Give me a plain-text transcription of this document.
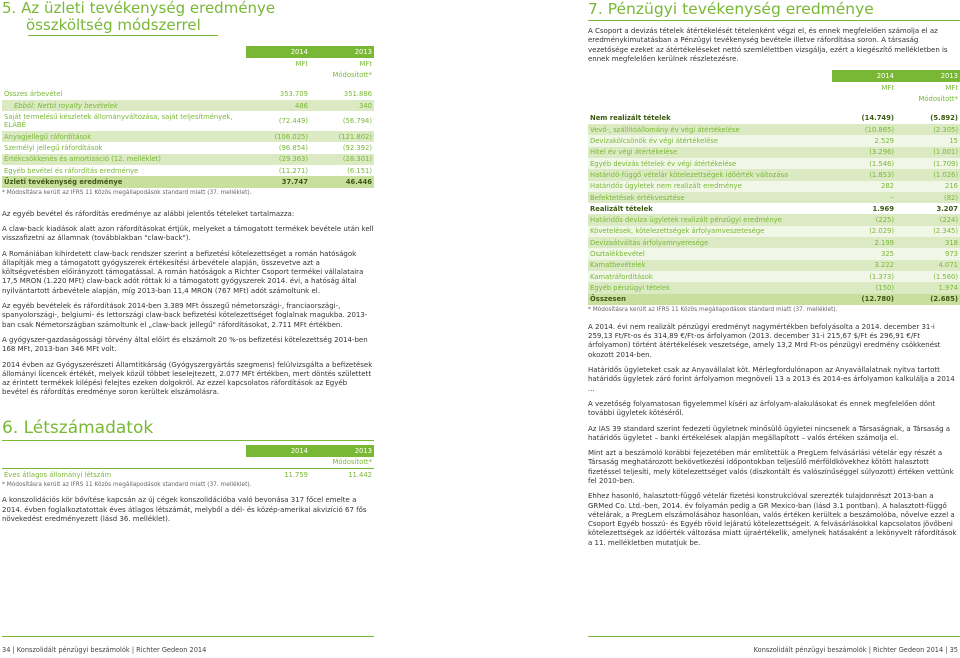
5. Az üzleti tevékenység eredménye
összköltség módszerrel
	2014	2013
	MFt	MFt
		Módosított*

Összes árbevétel	353.709	351.886
Ebből: Nettó royalty bevételek	486	340
Saját termelésű készletek állományváltozása, saját teljesítmények, ELÁBÉ	(72.449)	(56.794)
Anyagjellegű ráfordítások	(106.025)	(121.802)
Személyi jellegű ráfordítások	(96.854)	(92.392)
Értékcsökkenés és amortizáció (12. melléklet)	(29.363)	(28.301)
Egyéb bevétel és ráfordítás eredménye	(11.271)	(6.151)
Üzleti tevékenység eredménye	37.747	46.446
* Módosításra került az IFRS 11 Közös megállapodások standard miatt (37. melléklet).

Az egyéb bevétel és ráfordítás eredménye az alábbi jelentős tételeket tartalmazza:

A claw-back kiadások alatt azon ráfordításokat értjük, melyeket a támogatott termékek bevétele után kell visszafizetni az államnak (továbbiakban "claw-back").

A Romániában kihirdetett claw-back rendszer szerint a befizetési kötelezettséget a román hatóságok állapítják meg a támogatott gyógyszerek értékesítési árbevétele alapján, összevetve azt a költségvetésben előirányzott támogatással. A román hatóságok a Richter Csoport termékei vállalataira 17,5 MRON (1.220 MFt) claw-back adót róttak ki a támogatott gyógyszerek 2014. évi, a hatóság által nyilvántartott árbevétele alapján, míg 2013-ban 11,4 MRON (767 MFt) adót számoltunk el.

Az egyéb bevételek és ráfordítások 2014-ben 3.389 MFt összegű németországi-, franciaországi-, spanyolországi-, belgiumi- és lettországi claw-back befizetési kötelezettséget foglalnak magukba. 2013-ban csak Németországban számoltunk el „claw-back jellegű" ráfordításokat, 2.711 MFt értékben.

A gyógyszer-gazdaságossági törvény által előírt és elszámolt 20 %-os befizetési kötelezettség 2014-ben 168 MFt, 2013-ban 346 MFt volt.

2014 évben az Gyógyszerészeti Államtitkárság (Gyógyszergyártás szegmens) felülvizsgálta a befizetések állományi licencek értékét, melyek közül többet leselejtezett, 2.077 MFt értékben, mert döntés születtett az érintett termékek kilépési felejtes ezeken dolgokról. Az ezzel kapcsolatos ráfordítások az Egyéb bevétel és ráfordítás eredménye soron kerültek elszámolásra.

6. Létszámadatok
	2014	2013
		Módosított*
Éves átlagos állományi létszám	11.759	11.442
* Módosításra került az IFRS 11 Közös megállapodások standard miatt (37. melléklet).

A konszolidációs kör bővítése kapcsán az új cégek konszolidációba való bevonása 317 főcel emelte a 2014. évben foglalkoztatottak éves átlagos létszámát, melyből a dél- és közép-amerikai akvizíció 67 fős növekedést eredményezett (lásd 36. melléklet).

34 | Konszolidált pénzügyi beszámolók | Richter Gedeon 2014
7. Pénzügyi tevékenység eredménye

A Csoport a devizás tételek átértékelését tételenként végzi el, és ennek megfelelően számolja el az eredménykimutatásban a Pénzügyi tevékenység bevétele illetve ráfordítása soron. A társaság vezetősége ezeket az átértékeléseket nettó szemlélettben vizsgálja, ezért a kiegészítő mellékletben is ennek megfelelően kerülnek részletezésre.

	2014	2013
	MFt	MFt
		Módosított*

Nem realizált tételek	(14.749)	(5.892)
Vevő-, szállítóállomány év végi átértékelése	(10.865)	(2.305)
Devizakölcsönök év végi átértékelése	2.529	15
Hitel év végi átértékelése	(3.296)	(1.001)
Egyéb devizás tételek év végi átértékelése	(1.546)	(1.709)
Határidő-függő vételár kötelezettségek időérték változása	(1.853)	(1.026)
Határidős ügyletek nem realizált eredménye	282	216
Befektetések értékvesztése	–	(82)
Realizált tételek	1.969	3.207
Határidős deviza ügyletek realizált pénzügyi eredménye	(225)	(224)
Követelések, kötelezettségek árfolyamveszetesége	(2.029)	(2.345)
Devizaátváltás árfolyamnyeresége	2.199	318
Osztalékbevétel	325	973
Kamatbevételek	3.222	4.071
Kamatráfordítások	(1.373)	(1.560)
Egyéb pénzügyi tételek	(150)	1.974
Összesen	(12.780)	(2.685)
* Módosításra került az IFRS 11 Közös megállapodások standard miatt (37. melléklet).

A 2014. évi nem realizált pénzügyi eredményt nagymértékben befolyásolta a 2014. december 31-i 259,13 Ft/Ft-os és 314,89 €/Ft-os árfolyamon (2013. december 31-i 215,67 $/Ft és 296,91 €/Ft árfolyamon) történt átértékelések veszetsége, amely 13,2 Mrd Ft-os pénzügyi eredmény csökkenést okozott 2014-ben.

Határidős ügyleteket csak az Anyavállalat köt. Mérlegfordulónapon az Anyavállalatnak nyitva tartott határidős ügyletek záró forint árfolyamon megnöveli 13 a 2013 és 2014-es árfolyamon kalkulálja a 2014 ...

A vezetőség folyamatosan figyelemmel kíséri az árfolyam-alakulásokat és ennek megfelelően dönt további ügyletek kötéséről.

Az IAS 39 standard szerint fedezeti ügyletnek minősülő ügyletei nincsenek a Társaságnak, a Társaság a határidős ügyletet – banki értékelések alapján megállapított – valós értéken számolja el.

Mint azt a beszámoló korábbi fejezetében már említettük a PregLem felvásárlási vételár egy részét a Társaság meghatározott bekövetkezési időpontokban teljesülő mérföldkövekhez kötött halasztott fizetéssel teljesíti, mely kötelezettséget valós (diszkontált és valószínűséggel súlyozott) értéken vettünk fel 2010-ben.

Ehhez hasonló, halasztott-függő vételár fizetési konstrukcióval szerezték tulajdonrészt 2013-ban a GRMed Co. Ltd.-ben, 2014. év folyamán pedig a GR Mexico-ban (lásd 3.1 pontban). A halasztott-függő vételárak, a PregLem elszámolásához hasonlóan, valós értéken kerültek a beszámolóba, növelve ezzel a Csoport Egyéb hosszú- és Egyéb rövid lejáratú kötelezettségeit. A felvásárlásokkal kapcsolatos jövőbeni kötelezettségek az időérték változása miatt újraértékelik, amelynek hatásaként a lekönyvelt ráfordítások a 11. mellékletben mutatjuk be.

Konszolidált pénzügyi beszámolók | Richter Gedeon 2014 | 35
